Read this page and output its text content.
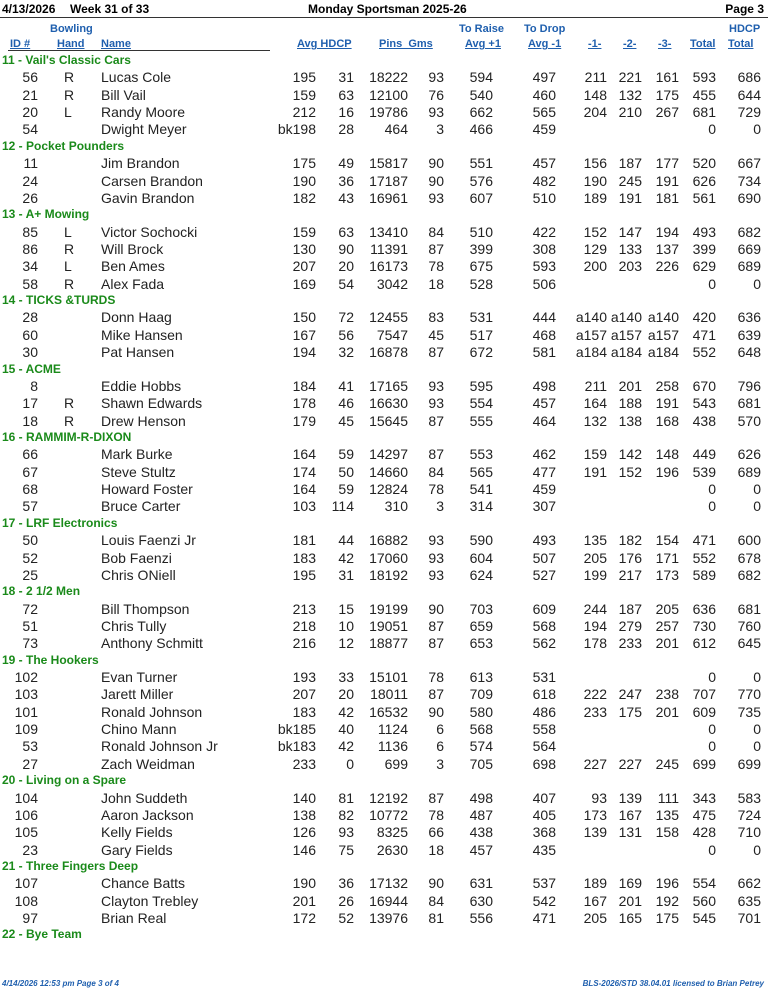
4/13/2026 Week 31 of 33	Monday Sportsman 2025-26	Page 3
ID #
Bowling
Hand Name	Avg HDCP Pins  Gms
To Raise
Avg +1
To Drop
Avg -1 -1- -2- -3- Total
HDCP
Total
11 - Vail's Classic Cars
56 R Lucas Cole	195 31 18222 93 594	497 211 221 161 593 686
21 R Bill Vail	159 63 12100 76 540	460 148 132 175 455 644
20 L Randy Moore	212 16 19786 93 662	565 204 210 267 681 729
54	Dwight Meyer	bk198 28 464 3 466	459	0	0
12 - Pocket Pounders
11	Jim Brandon	175 49 15817 90 551	457 156 187 177 520 667
24	Carsen Brandon	190 36 17187 90 576	482 190 245 191 626 734
26	Gavin Brandon	182 43 16961 93 607	510 189 191 181 561 690
13 - A+ Mowing
85 L Victor Sochocki	159 63 13410 84 510	422 152 147 194 493 682
86 R Will Brock	130 90 11391 87 399	308 129 133 137 399 669
34 L Ben Ames	207 20 16173 78 675	593 200 203 226 629 689
58 R Alex Fada	169 54 3042 18 528	506	0	0
14 - TICKS &TURDS
28	Donn Haag	150 72 12455 83 531	444 a140 a140 a140 420 636
60	Mike Hansen	167 56 7547 45 517	468 a157 a157 a157 471 639
30	Pat Hansen	194 32 16878 87 672	581 a184 a184 a184 552 648
15 - ACME
8	Eddie Hobbs	184 41 17165 93 595	498 211 201 258 670 796
17 R Shawn Edwards	178 46 16630 93 554	457 164 188 191 543 681
18 R Drew Henson	179 45 15645 87 555	464 132 138 168 438 570
16 - RAMMIM-R-DIXON
66	Mark Burke	164 59 14297 87 553	462 159 142 148 449 626
67	Steve Stultz	174 50 14660 84 565	477 191 152 196 539 689
68	Howard Foster	164 59 12824 78 541	459	0	0
57	Bruce Carter	103 114 310 3 314	307	0	0
17 - LRF Electronics
50	Louis Faenzi Jr	181 44 16882 93 590	493 135 182 154 471 600
52	Bob Faenzi	183 42 17060 93 604	507 205 176 171 552 678
25	Chris ONiell	195 31 18192 93 624	527 199 217 173 589 682
18 - 2 1/2 Men
72	Bill Thompson	213 15 19199 90 703	609 244 187 205 636 681
51	Chris Tully	218 10 19051 87 659	568 194 279 257 730 760
73	Anthony Schmitt	216 12 18877 87 653	562 178 233 201 612 645
19 - The Hookers
102	Evan Turner	193 33 15101 78 613	531	0	0
103	Jarett Miller	207 20 18011 87 709	618 222 247 238 707 770
101	Ronald Johnson	183 42 16532 90 580	486 233 175 201 609 735
109	Chino Mann	bk185 40 1124 6 568	558	0	0
53	Ronald Johnson Jr	bk183 42 1136 6 574	564	0	0
27	Zach Weidman	233 0 699 3 705	698 227 227 245 699 699
20 - Living on a Spare
104	John Suddeth	140 81 12192 87 498	407	93 139 111 343 583
106	Aaron Jackson	138 82 10772 78 487	405 173 167 135 475 724
105	Kelly Fields	126 93 8325 66 438	368 139 131 158 428 710
23	Gary Fields	146 75 2630 18 457	435	0	0
21 - Three Fingers Deep
107	Chance Batts	190 36 17132 90 631	537 189 169 196 554 662
108	Clayton Trebley	201 26 16944 84 630	542 167 201 192 560 635
97	Brian Real	172 52 13976 81 556	471 205 165 175 545 701
22 - Bye Team
4/14/2026 12:53 pm Page 3 of 4	BLS-2026/STD 38.04.01 licensed to Brian Petrey
